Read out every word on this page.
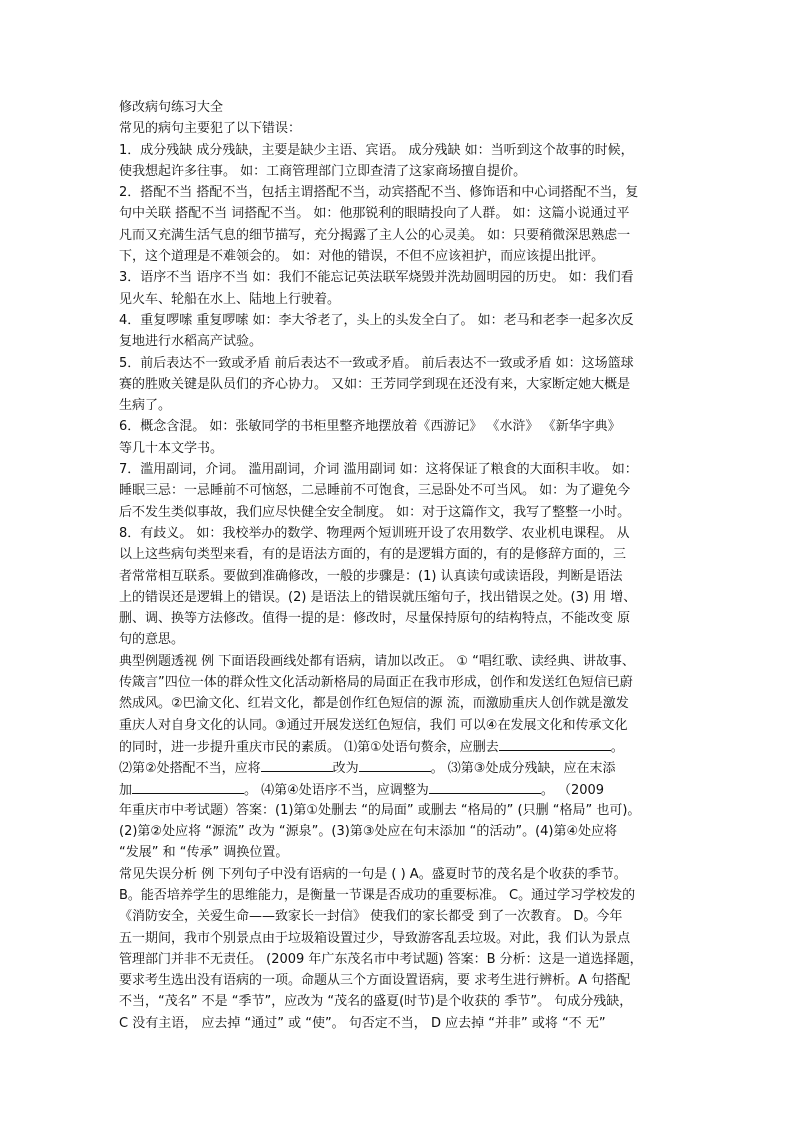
修改病句练习大全
常见的病句主要犯了以下错误：
1．成分残缺 成分残缺，主要是缺少主语、宾语。 成分残缺 如：当听到这个故事的时候，
使我想起许多往事。 如：工商管理部门立即查清了这家商场擅自提价。
2．搭配不当 搭配不当，包括主谓搭配不当，动宾搭配不当、修饰语和中心词搭配不当，复
句中关联 搭配不当 词搭配不当。 如：他那锐利的眼睛投向了人群。 如：这篇小说通过平
凡而又充满生活气息的细节描写，充分揭露了主人公的心灵美。 如：只要稍微深思熟虑一
下，这个道理是不难领会的。 如：对他的错误，不但不应该袒护，而应该提出批评。
3．语序不当 语序不当 如：我们不能忘记英法联军烧毁并洗劫圆明园的历史。 如：我们看
见火车、轮船在水上、陆地上行驶着。
4．重复啰嗦 重复啰嗦 如：李大爷老了，头上的头发全白了。 如：老马和老李一起多次反
复地进行水稻高产试验。
5．前后表达不一致或矛盾 前后表达不一致或矛盾。 前后表达不一致或矛盾 如：这场篮球
赛的胜败关键是队员们的齐心协力。 又如：王芳同学到现在还没有来，大家断定她大概是
生病了。
6．概念含混。 如：张敏同学的书柜里整齐地摆放着《西游记》 《水浒》 《新华字典》
等几十本文学书。
7．滥用副词，介词。 滥用副词，介词 滥用副词 如：这将保证了粮食的大面积丰收。 如：
睡眠三忌：一忌睡前不可恼怒，二忌睡前不可饱食，三忌卧处不可当风。 如：为了避免今
后不发生类似事故，我们应尽快健全安全制度。 如：对于这篇作文，我写了整整一小时。
8．有歧义。 如：我校举办的数学、物理两个短训班开设了农用数学、农业机电课程。 从
以上这些病句类型来看，有的是语法方面的，有的是逻辑方面的，有的是修辞方面的，三
者常常相互联系。要做到准确修改，一般的步骤是：(1) 认真读句或读语段，判断是语法
上的错误还是逻辑上的错误。(2) 是语法上的错误就压缩句子，找出错误之处。(3) 用 增、
删、调、换等方法修改。值得一提的是：修改时，尽量保持原句的结构特点，不能改变 原
句的意思。
典型例题透视 例 下面语段画线处都有语病，请加以改正。 ① “唱红歌、读经典、讲故事、
传箴言”四位一体的群众性文化活动新格局的局面正在我市形成，创作和发送红色短信已蔚
然成风。②巴渝文化、红岩文化，都是创作红色短信的源 流，而激励重庆人创作就是激发
重庆人对自身文化的认同。③通过开展发送红色短信，我们 可以④在发展文化和传承文化
的同时，进一步提升重庆市民的素质。 ⑴第①处语句赘余，应删去	。
⑵第②处搭配不当，应将	改为	。 ⑶第③处成分残缺，应在末添
加	。 ⑷第④处语序不当，应调整为	。 （2009
年重庆市中考试题）答案：(1)第①处删去 “的局面” 或删去 “格局的” (只删 “格局” 也可)。
(2)第②处应将 “源流” 改为 “源泉”。(3)第③处应在句末添加 “的活动”。(4)第④处应将
“发展” 和 “传承” 调换位置。
常见失误分析 例 下列句子中没有语病的一句是 ( ) A。盛夏时节的茂名是个收获的季节。
B。能否培养学生的思维能力，是衡量一节课是否成功的重要标准。 C。通过学习学校发的
《消防安全，关爱生命——致家长一封信》 使我们的家长都受 到了一次教育。 D。今年
五一期间，我市个别景点由于垃圾箱设置过少，导致游客乱丢垃圾。对此，我 们认为景点
管理部门并非不无责任。 (2009 年广东茂名市中考试题) 答案：B 分析：这是一道选择题，
要求考生选出没有语病的一项。命题从三个方面设置语病，要 求考生进行辨析。A 句搭配
不当，“茂名” 不是 “季节”，应改为 “茂名的盛夏(时节)是个收获的 季节”。 句成分残缺，
C 没有主语， 应去掉 “通过” 或 “使”。 句否定不当， D 应去掉 “并非” 或将 “不 无”
